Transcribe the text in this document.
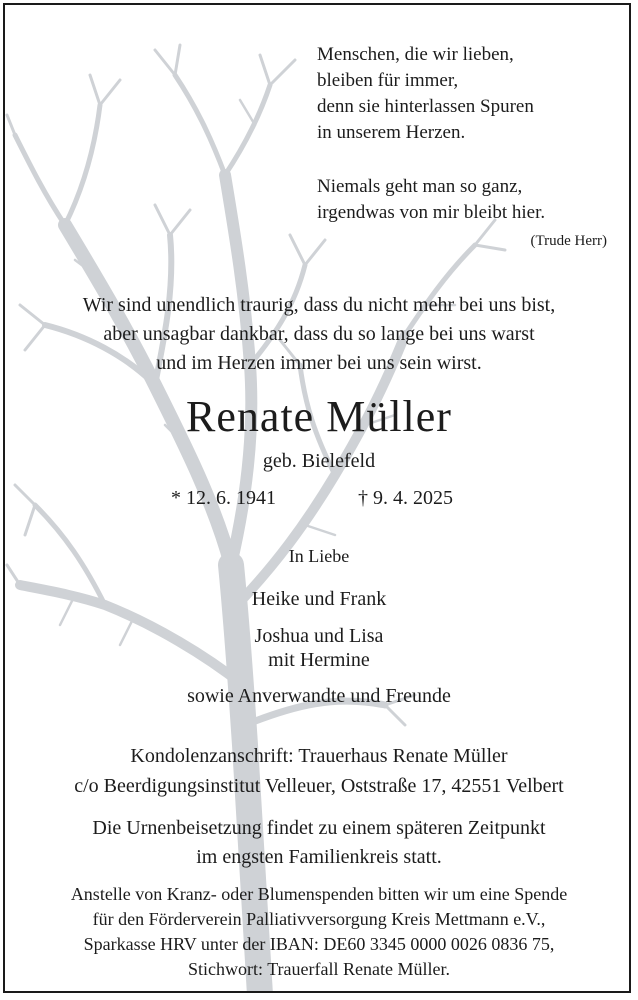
Menschen, die wir lieben,
bleiben für immer,
denn sie hinterlassen Spuren
in unserem Herzen.
Niemals geht man so ganz,
irgendwas von mir bleibt hier.
(Trude Herr)
Wir sind unendlich traurig, dass du nicht mehr bei uns bist,
aber unsagbar dankbar, dass du so lange bei uns warst
und im Herzen immer bei uns sein wirst.
Renate Müller
geb. Bielefeld
* 12. 6. 1941	† 9. 4. 2025
In Liebe
Heike und Frank
Joshua und Lisa
mit Hermine
sowie Anverwandte und Freunde
Kondolenzanschrift: Trauerhaus Renate Müller
c/o Beerdigungsinstitut Velleuer, Oststraße 17, 42551 Velbert
Die Urnenbeisetzung findet zu einem späteren Zeitpunkt
im engsten Familienkreis statt.
Anstelle von Kranz- oder Blumenspenden bitten wir um eine Spende
für den Förderverein Palliativversorgung Kreis Mettmann e.V.,
Sparkasse HRV unter der IBAN: DE60 3345 0000 0026 0836 75,
Stichwort: Trauerfall Renate Müller.
